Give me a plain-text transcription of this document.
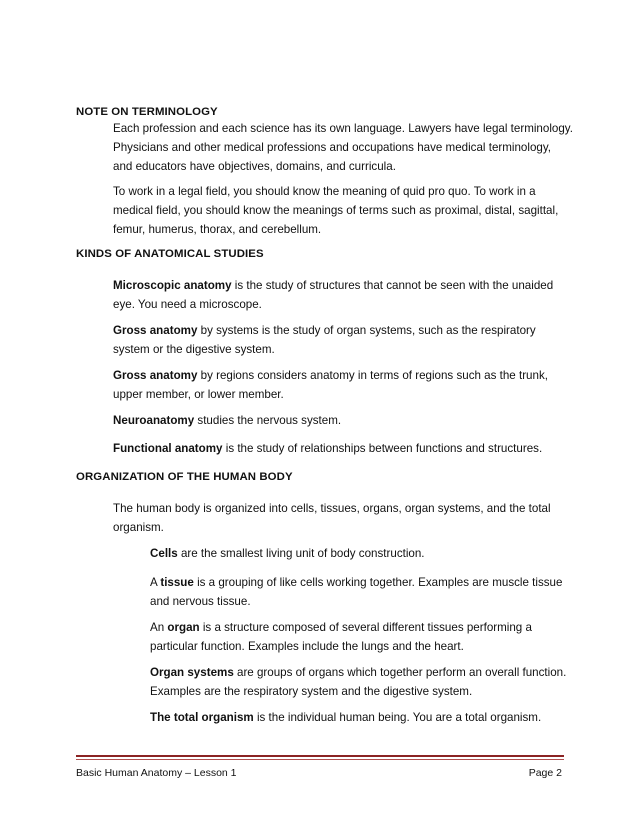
NOTE ON TERMINOLOGY
Each profession and each science has its own language. Lawyers have legal terminology. Physicians and other medical professions and occupations have medical terminology, and educators have objectives, domains, and curricula.
To work in a legal field, you should know the meaning of quid pro quo. To work in a medical field, you should know the meanings of terms such as proximal, distal, sagittal, femur, humerus, thorax, and cerebellum.
KINDS OF ANATOMICAL STUDIES
Microscopic anatomy is the study of structures that cannot be seen with the unaided eye. You need a microscope.
Gross anatomy by systems is the study of organ systems, such as the respiratory system or the digestive system.
Gross anatomy by regions considers anatomy in terms of regions such as the trunk, upper member, or lower member.
Neuroanatomy studies the nervous system.
Functional anatomy is the study of relationships between functions and structures.
ORGANIZATION OF THE HUMAN BODY
The human body is organized into cells, tissues, organs, organ systems, and the total organism.
Cells are the smallest living unit of body construction.
A tissue is a grouping of like cells working together. Examples are muscle tissue and nervous tissue.
An organ is a structure composed of several different tissues performing a particular function. Examples include the lungs and the heart.
Organ systems are groups of organs which together perform an overall function. Examples are the respiratory system and the digestive system.
The total organism is the individual human being. You are a total organism.
Basic Human Anatomy – Lesson 1	Page 2
